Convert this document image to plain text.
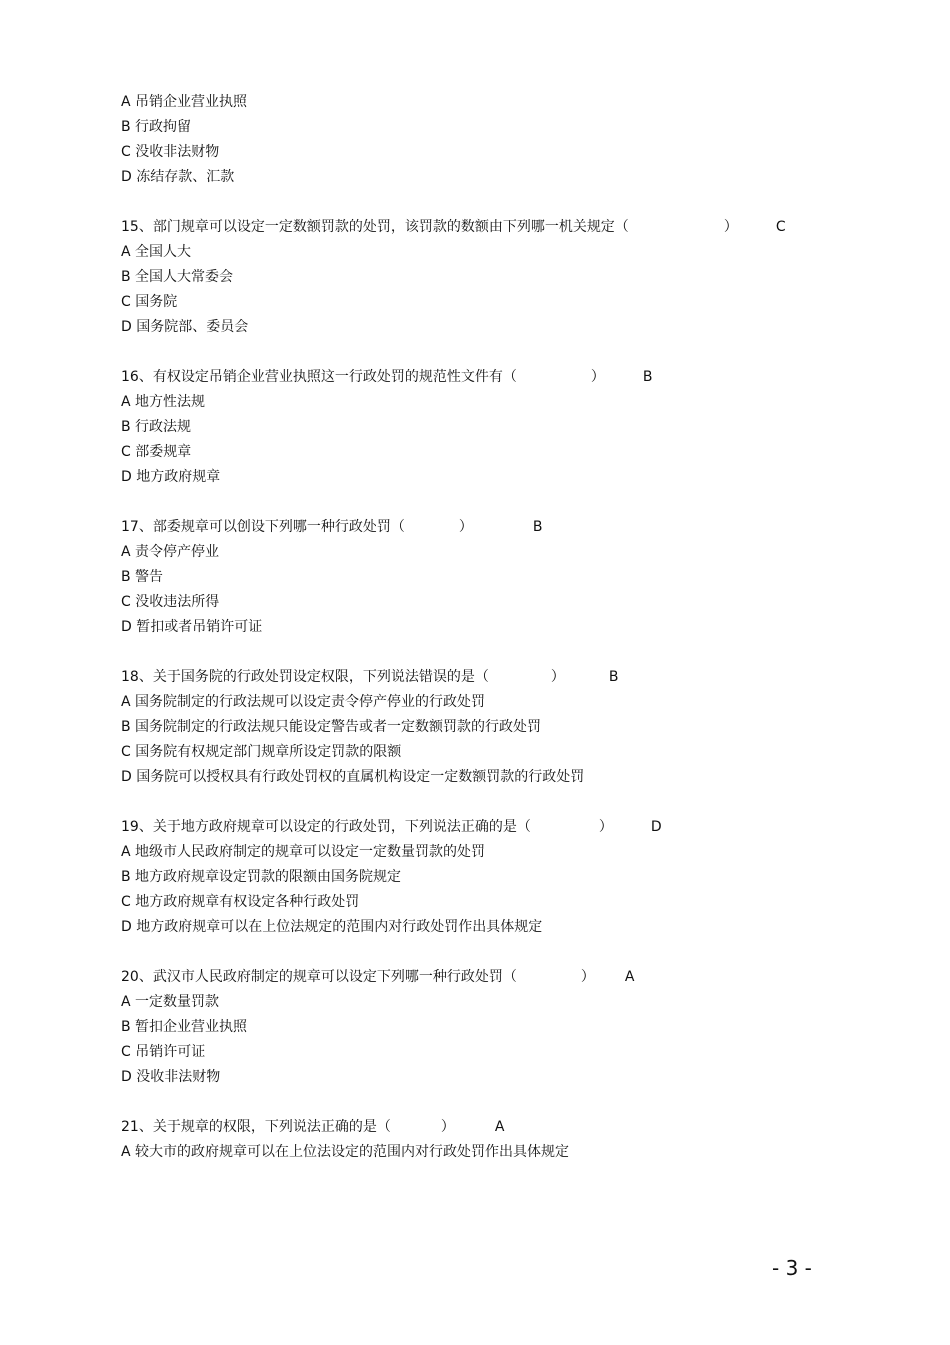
A 吊销企业营业执照
B 行政拘留
C 没收非法财物
D 冻结存款、汇款
15、部门规章可以设定一定数额罚款的处罚，该罚款的数额由下列哪一机关规定（	）	C
A 全国人大
B 全国人大常委会
C 国务院
D 国务院部、委员会
16、有权设定吊销企业营业执照这一行政处罚的规范性文件有（	）	B
A 地方性法规
B 行政法规
C 部委规章
D 地方政府规章
17、部委规章可以创设下列哪一种行政处罚（	）	B
A 责令停产停业
B 警告
C 没收违法所得
D 暂扣或者吊销许可证
18、关于国务院的行政处罚设定权限，下列说法错误的是（	）	B
A 国务院制定的行政法规可以设定责令停产停业的行政处罚
B 国务院制定的行政法规只能设定警告或者一定数额罚款的行政处罚
C 国务院有权规定部门规章所设定罚款的限额
D 国务院可以授权具有行政处罚权的直属机构设定一定数额罚款的行政处罚
19、关于地方政府规章可以设定的行政处罚，下列说法正确的是（	）	D
A 地级市人民政府制定的规章可以设定一定数量罚款的处罚
B 地方政府规章设定罚款的限额由国务院规定
C 地方政府规章有权设定各种行政处罚
D 地方政府规章可以在上位法规定的范围内对行政处罚作出具体规定
20、武汉市人民政府制定的规章可以设定下列哪一种行政处罚（	） A
A 一定数量罚款
B 暂扣企业营业执照
C 吊销许可证
D 没收非法财物
21、关于规章的权限，下列说法正确的是（	）	A
A 较大市的政府规章可以在上位法设定的范围内对行政处罚作出具体规定
- 3 -
